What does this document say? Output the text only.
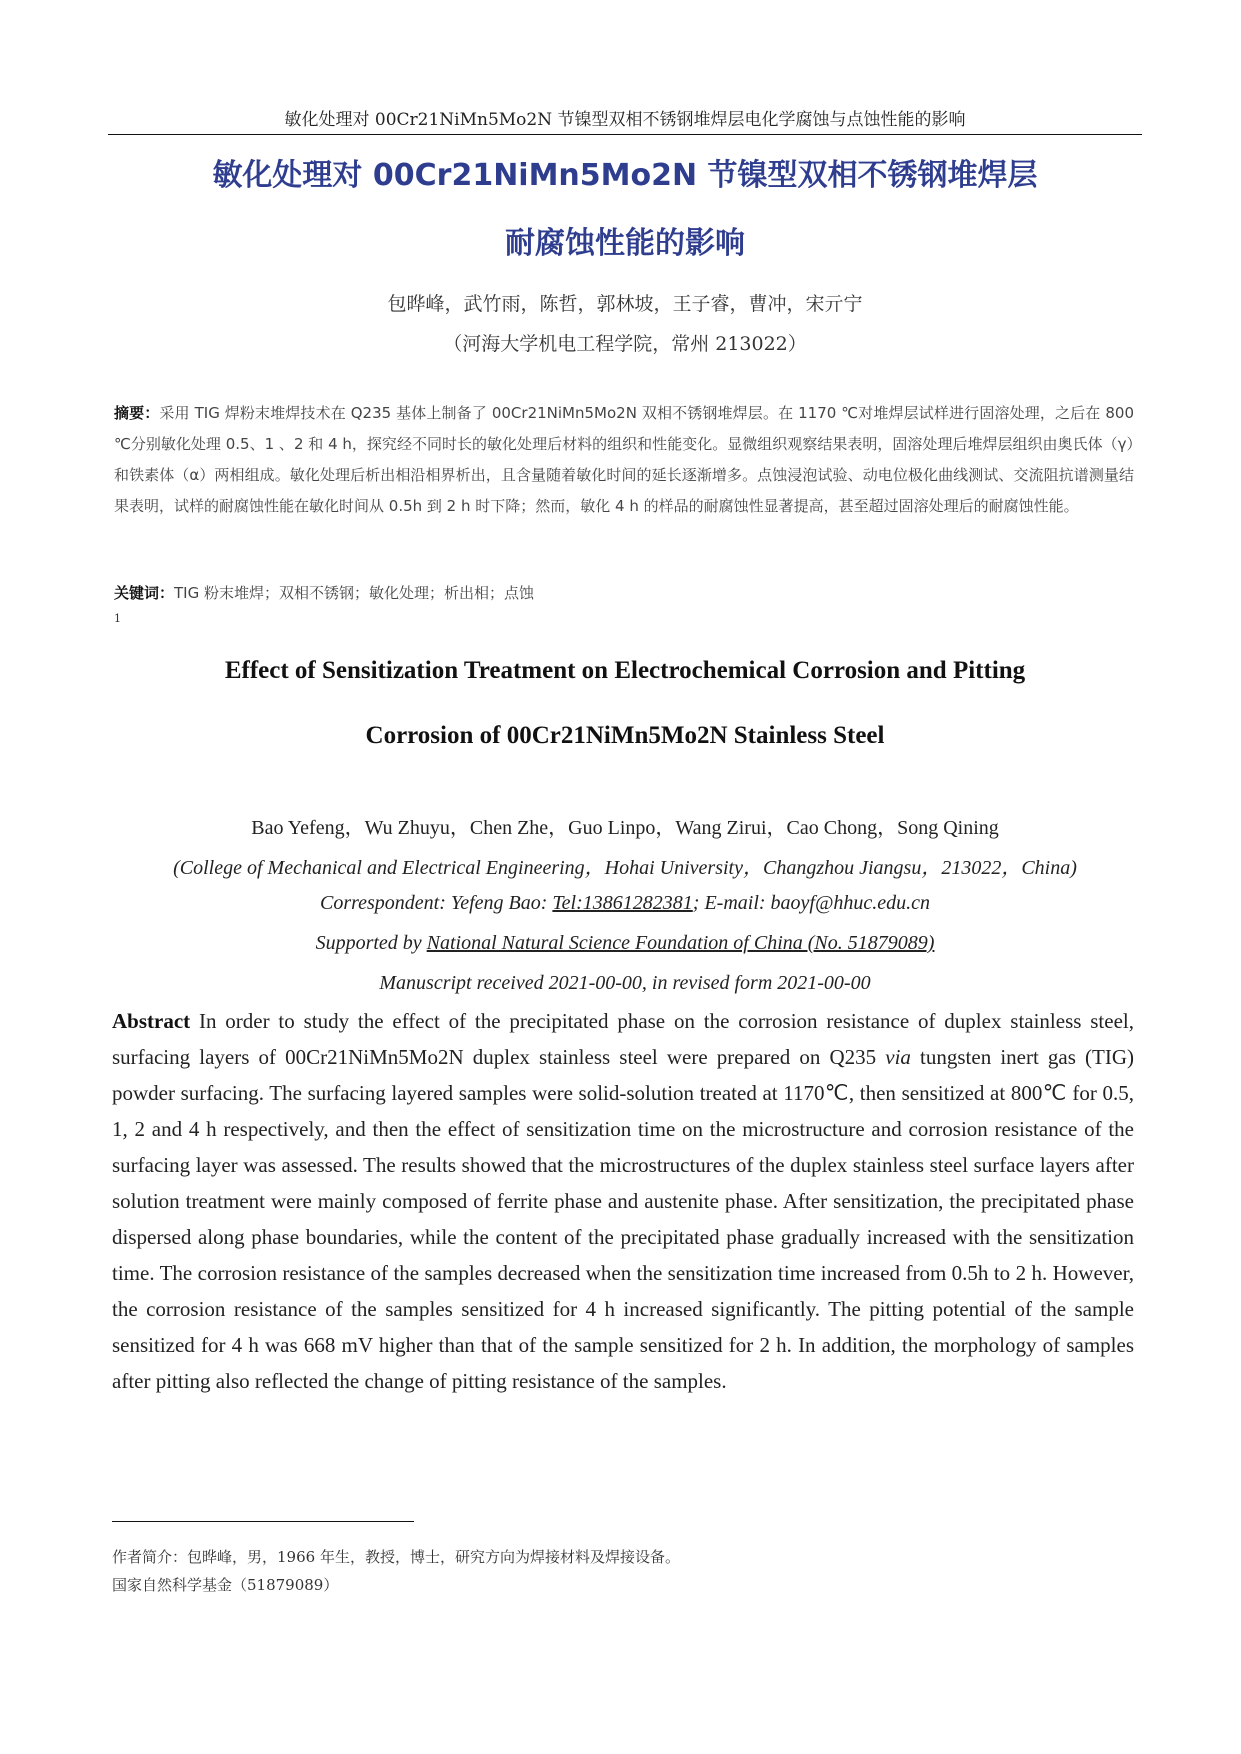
敏化处理对 00Cr21NiMn5Mo2N 节镍型双相不锈钢堆焊层电化学腐蚀与点蚀性能的影响
敏化处理对 00Cr21NiMn5Mo2N 节镍型双相不锈钢堆焊层
耐腐蚀性能的影响
包晔峰，武竹雨，陈哲，郭林坡，王子睿，曹冲，宋亓宁
（河海大学机电工程学院，常州 213022）
摘要：采用 TIG 焊粉末堆焊技术在 Q235 基体上制备了 00Cr21NiMn5Mo2N 双相不锈钢堆焊层。在 1170 ℃对堆焊层试样进行固溶处理，之后在 800 ℃分别敏化处理 0.5、1 、2 和 4 h，探究经不同时长的敏化处理后材料的组织和性能变化。显微组织观察结果表明，固溶处理后堆焊层组织由奥氏体（γ）和铁素体（α）两相组成。敏化处理后析出相沿相界析出，且含量随着敏化时间的延长逐渐增多。点蚀浸泡试验、动电位极化曲线测试、交流阻抗谱测量结果表明，试样的耐腐蚀性能在敏化时间从 0.5h 到 2 h 时下降；然而，敏化 4 h 的样品的耐腐蚀性显著提高，甚至超过固溶处理后的耐腐蚀性能。
关键词：TIG 粉末堆焊；双相不锈钢；敏化处理；析出相；点蚀
1
Effect of Sensitization Treatment on Electrochemical Corrosion and Pitting
Corrosion of 00Cr21NiMn5Mo2N Stainless Steel
Bao Yefeng，Wu Zhuyu，Chen Zhe，Guo Linpo，Wang Zirui，Cao Chong，Song Qining
(College of Mechanical and Electrical Engineering，Hohai University，Changzhou Jiangsu，213022，China)
Correspondent: Yefeng Bao: Tel:13861282381; E-mail: baoyf@hhuc.edu.cn
Supported by National Natural Science Foundation of China (No. 51879089)
Manuscript received 2021-00-00, in revised form 2021-00-00
Abstract In order to study the effect of the precipitated phase on the corrosion resistance of duplex stainless steel, surfacing layers of 00Cr21NiMn5Mo2N duplex stainless steel were prepared on Q235 via tungsten inert gas (TIG) powder surfacing. The surfacing layered samples were solid-solution treated at 1170℃, then sensitized at 800℃ for 0.5, 1, 2 and 4 h respectively, and then the effect of sensitization time on the microstructure and corrosion resistance of the surfacing layer was assessed. The results showed that the microstructures of the duplex stainless steel surface layers after solution treatment were mainly composed of ferrite phase and austenite phase. After sensitization, the precipitated phase dispersed along phase boundaries, while the content of the precipitated phase gradually increased with the sensitization time. The corrosion resistance of the samples decreased when the sensitization time increased from 0.5h to 2 h. However, the corrosion resistance of the samples sensitized for 4 h increased significantly. The pitting potential of the sample sensitized for 4 h was 668 mV higher than that of the sample sensitized for 2 h. In addition, the morphology of samples after pitting also reflected the change of pitting resistance of the samples.
作者简介：包晔峰，男，1966 年生，教授，博士，研究方向为焊接材料及焊接设备。
国家自然科学基金（51879089）
